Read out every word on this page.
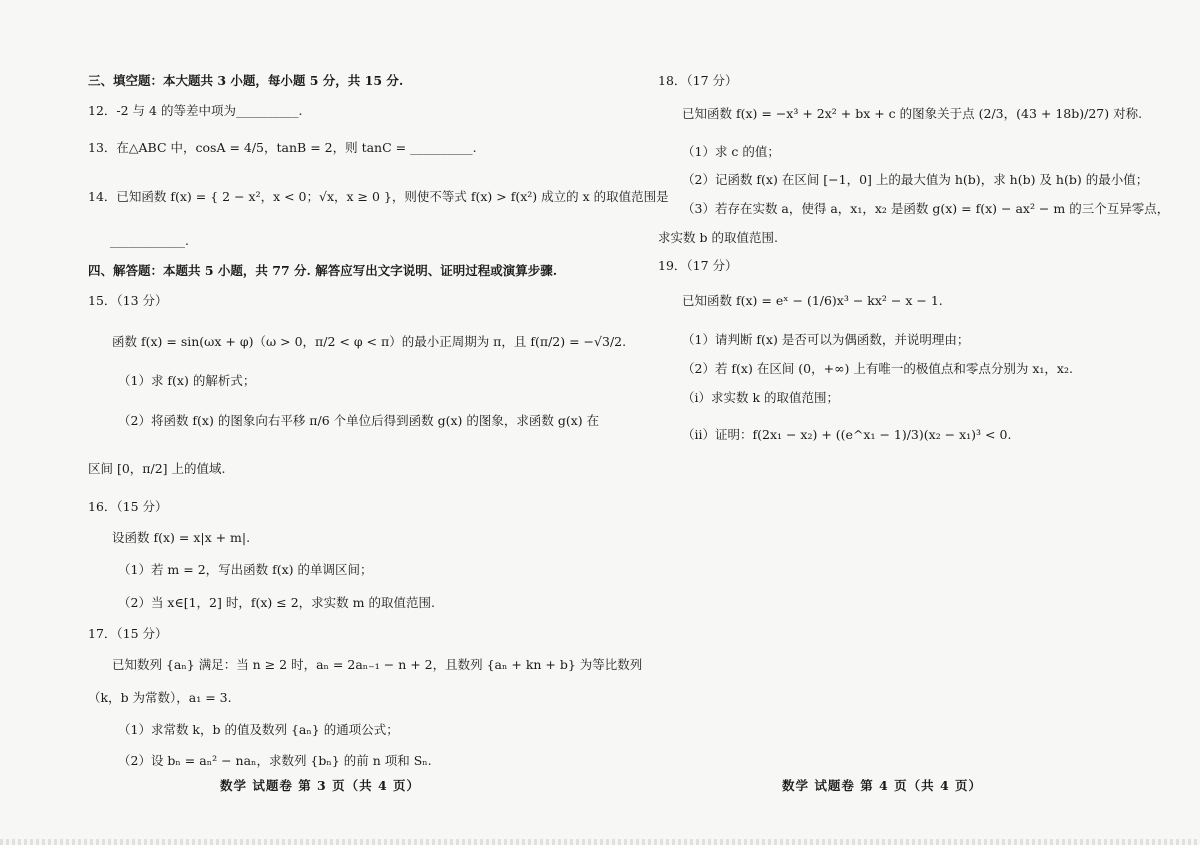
三、填空题：本大题共 3 小题，每小题 5 分，共 15 分.
12．-2 与 4 的等差中项为__________.
13．在△ABC 中，cosA = 4/5，tanB = 2，则 tanC = __________.
14．已知函数 f(x) = { 2 − x²，x < 0；√x，x ≥ 0 }，则使不等式 f(x) > f(x²) 成立的 x 的取值范围是
____________.
四、解答题：本题共 5 小题，共 77 分. 解答应写出文字说明、证明过程或演算步骤.
15．（13 分）
函数 f(x) = sin(ωx + φ)（ω > 0，π/2 < φ < π）的最小正周期为 π，且 f(π/2) = −√3/2.
（1）求 f(x) 的解析式；
（2）将函数 f(x) 的图象向右平移 π/6 个单位后得到函数 g(x) 的图象，求函数 g(x) 在
区间 [0，π/2] 上的值域.
16．（15 分）
设函数 f(x) = x|x + m|.
（1）若 m = 2，写出函数 f(x) 的单调区间；
（2）当 x∈[1，2] 时，f(x) ≤ 2，求实数 m 的取值范围.
17．（15 分）
已知数列 {aₙ} 满足：当 n ≥ 2 时，aₙ = 2aₙ₋₁ − n + 2，且数列 {aₙ + kn + b} 为等比数列
（k，b 为常数），a₁ = 3.
（1）求常数 k，b 的值及数列 {aₙ} 的通项公式；
（2）设 bₙ = aₙ² − naₙ，求数列 {bₙ} 的前 n 项和 Sₙ.
数学 试题卷 第 3 页（共 4 页）
18．（17 分）
已知函数 f(x) = −x³ + 2x² + bx + c 的图象关于点 (2/3，(43 + 18b)/27) 对称.
（1）求 c 的值；
（2）记函数 f(x) 在区间 [−1，0] 上的最大值为 h(b)，求 h(b) 及 h(b) 的最小值；
（3）若存在实数 a，使得 a，x₁，x₂ 是函数 g(x) = f(x) − ax² − m 的三个互异零点，
求实数 b 的取值范围.
19．（17 分）
已知函数 f(x) = eˣ − (1/6)x³ − kx² − x − 1.
（1）请判断 f(x) 是否可以为偶函数，并说明理由；
（2）若 f(x) 在区间 (0，+∞) 上有唯一的极值点和零点分别为 x₁，x₂.
（i）求实数 k 的取值范围；
（ii）证明：f(2x₁ − x₂) + ((e^x₁ − 1)/3)(x₂ − x₁)³ < 0.
数学 试题卷 第 4 页（共 4 页）
